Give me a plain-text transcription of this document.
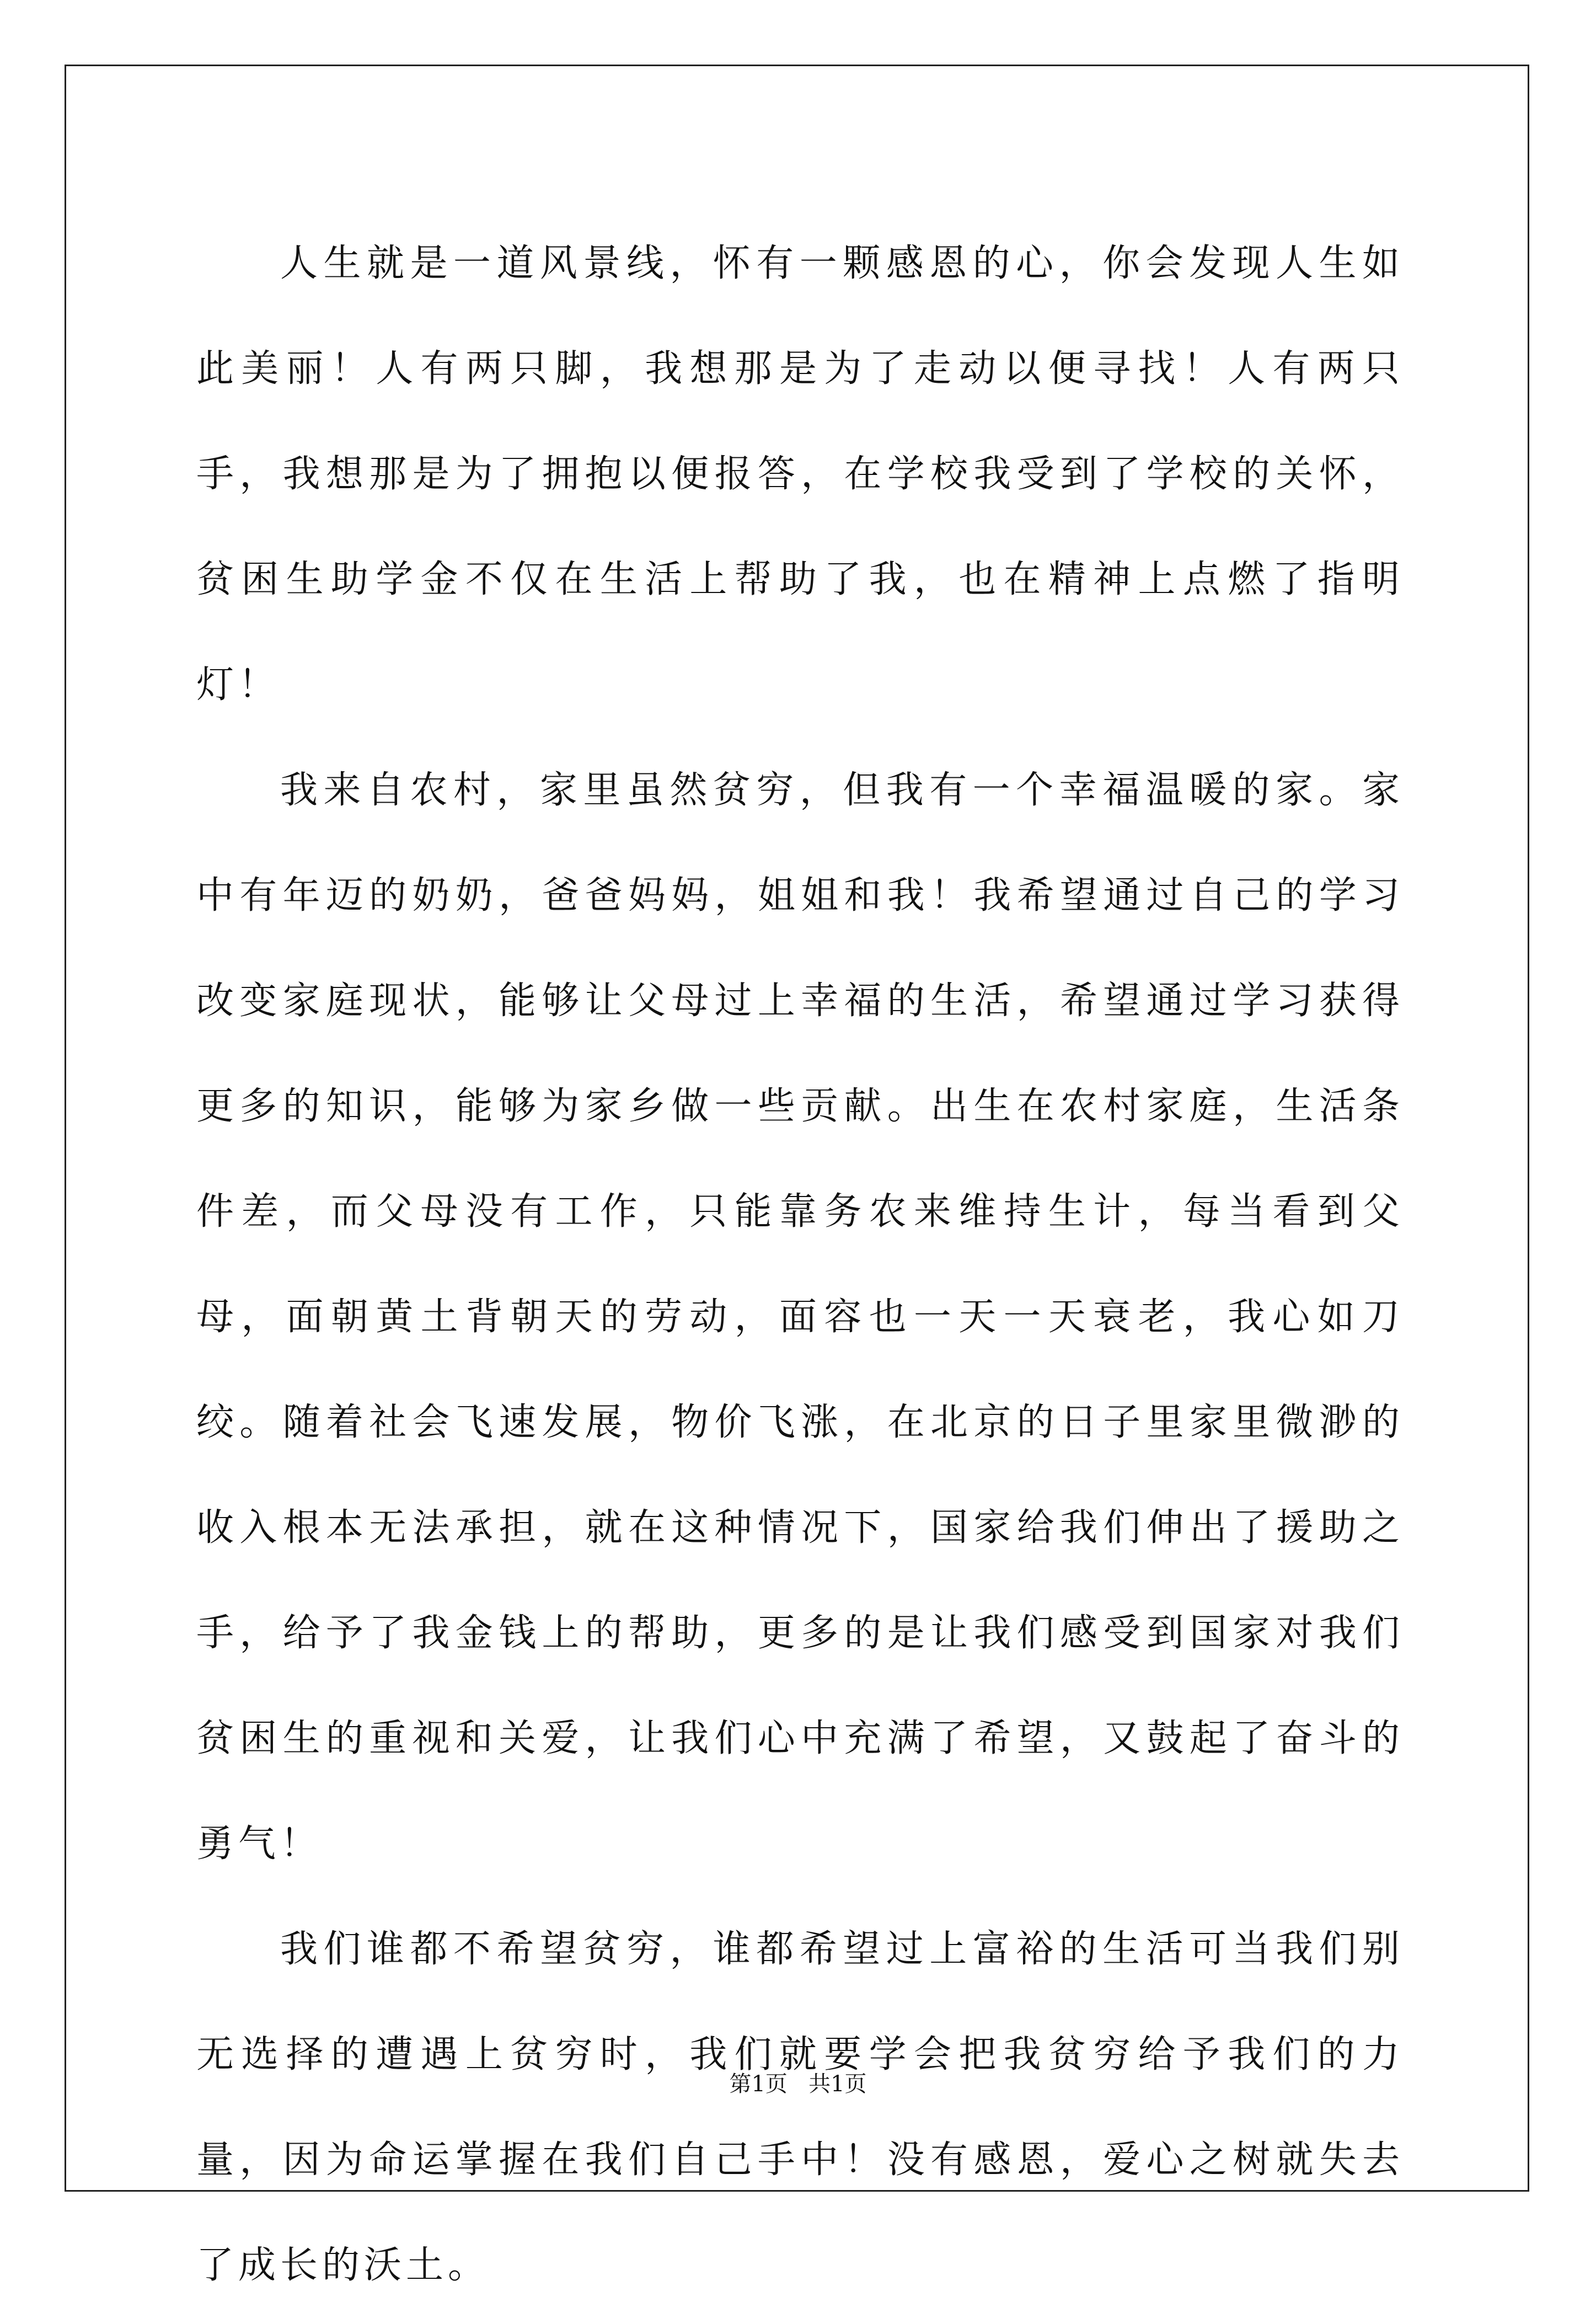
人生就是一道风景线，怀有一颗感恩的心，你会发现人生如此美丽！人有两只脚，我想那是为了走动以便寻找！人有两只手，我想那是为了拥抱以便报答，在学校我受到了学校的关怀，贫困生助学金不仅在生活上帮助了我，也在精神上点燃了指明灯！

我来自农村，家里虽然贫穷，但我有一个幸福温暖的家。家中有年迈的奶奶，爸爸妈妈，姐姐和我！我希望通过自己的学习改变家庭现状，能够让父母过上幸福的生活，希望通过学习获得更多的知识，能够为家乡做一些贡献。出生在农村家庭，生活条件差，而父母没有工作，只能靠务农来维持生计，每当看到父母，面朝黄土背朝天的劳动，面容也一天一天衰老，我心如刀绞。随着社会飞速发展，物价飞涨，在北京的日子里家里微渺的收入根本无法承担，就在这种情况下，国家给我们伸出了援助之手，给予了我金钱上的帮助，更多的是让我们感受到国家对我们贫困生的重视和关爱，让我们心中充满了希望，又鼓起了奋斗的勇气！

我们谁都不希望贫穷，谁都希望过上富裕的生活可当我们别无选择的遭遇上贫穷时，我们就要学会把我贫穷给予我们的力量，因为命运掌握在我们自己手中！没有感恩，爱心之树就失去了成长的沃土。

第1页 共1页
